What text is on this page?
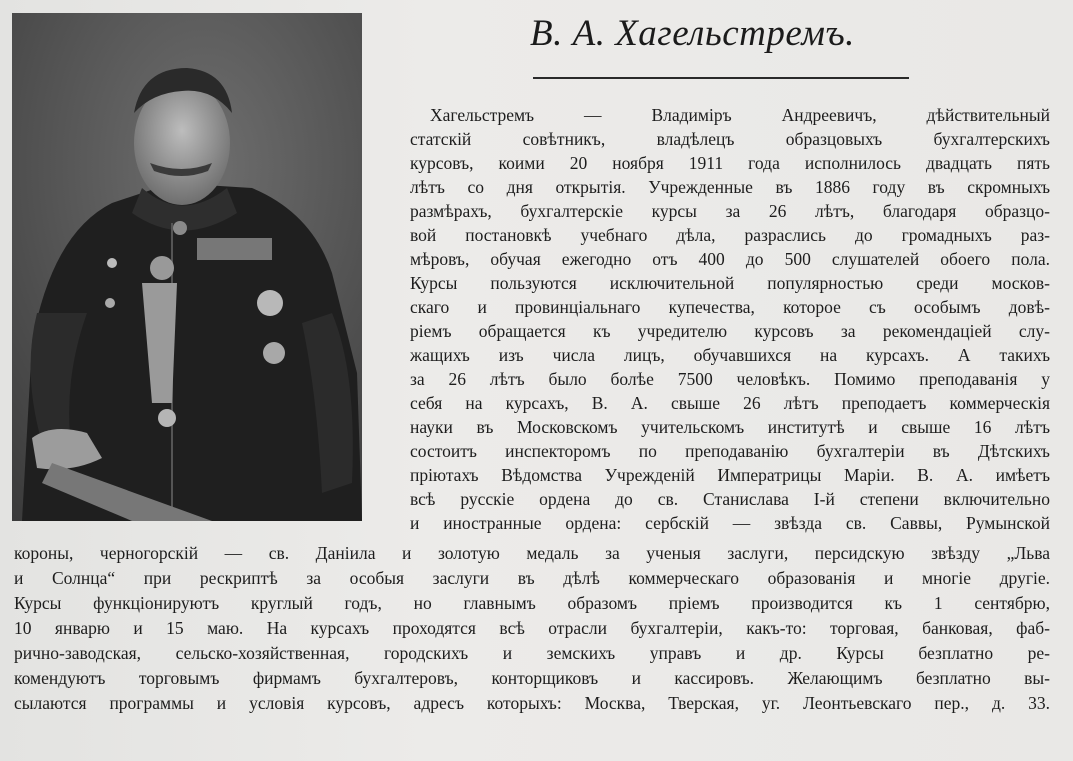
В. А. Хагельстремъ.
Хагельстремъ — Владиміръ Андреевичъ, дѣйствительный
статскій совѣтникъ, владѣлецъ образцовыхъ бухгалтерскихъ
курсовъ, коими 20 ноября 1911 года исполнилось двадцать пять
лѣтъ со дня открытія. Учрежденные въ 1886 году въ скромныхъ
размѣрахъ, бухгалтерскіе курсы за 26 лѣтъ, благодаря образцо-
вой постановкѣ учебнаго дѣла, разраслись до громадныхъ раз-
мѣровъ, обучая ежегодно отъ 400 до 500 слушателей обоего пола.
Курсы пользуются исключительной популярностью среди москов-
скаго и провинціальнаго купечества, которое съ особымъ довѣ-
ріемъ обращается къ учредителю курсовъ за рекомендаціей слу-
жащихъ изъ числа лицъ, обучавшихся на курсахъ. А такихъ
за 26 лѣтъ было болѣе 7500 человѣкъ. Помимо преподаванія у
себя на курсахъ, В. А. свыше 26 лѣтъ преподаетъ коммерческія
науки въ Московскомъ учительскомъ институтѣ и свыше 16 лѣтъ
состоитъ инспекторомъ по преподаванію бухгалтеріи въ Дѣтскихъ
пріютахъ Вѣдомства Учрежденій Императрицы Маріи. В. А. имѣетъ
всѣ русскіе ордена до св. Станислава I-й степени включительно
и иностранные ордена: сербскій — звѣзда св. Саввы, Румынской
короны, черногорскій — св. Даніила и золотую медаль за ученыя заслуги, персидскую звѣзду „Льва
и Солнца“ при рескриптѣ за особыя заслуги въ дѣлѣ коммерческаго образованія и многіе другіе.
Курсы функціонируютъ круглый годъ, но главнымъ образомъ пріемъ производится къ 1 сентябрю,
10 январю и 15 маю. На курсахъ проходятся всѣ отрасли бухгалтеріи, какъ-то: торговая, банковая, фаб-
рично-заводская, сельско-хозяйственная, городскихъ и земскихъ управъ и др. Курсы безплатно ре-
комендуютъ торговымъ фирмамъ бухгалтеровъ, конторщиковъ и кассировъ. Желающимъ безплатно вы-
сылаются программы и условія курсовъ, адресъ которыхъ: Москва, Тверская, уг. Леонтьевскаго пер., д. 33.
